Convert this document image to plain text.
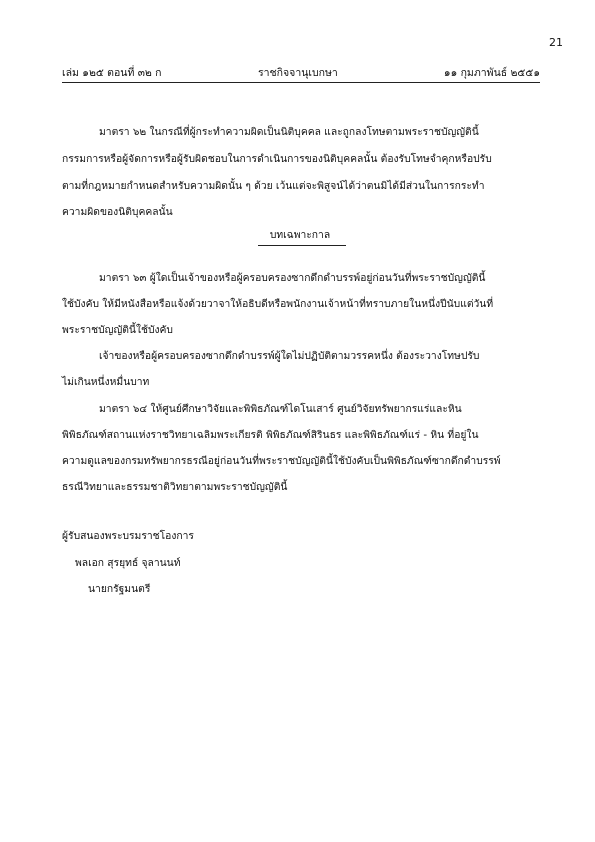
21
เล่ม ๑๒๕ ตอนที่ ๓๒ ก	ราชกิจจานุเบกษา	๑๑ กุมภาพันธ์ ๒๕๕๑
มาตรา ๖๒ ในกรณีที่ผู้กระทำความผิดเป็นนิติบุคคล และถูกลงโทษตามพระราชบัญญัตินี้
กรรมการหรือผู้จัดการหรือผู้รับผิดชอบในการดำเนินการของนิติบุคคลนั้น ต้องรับโทษจำคุกหรือปรับ
ตามที่กฎหมายกำหนดสำหรับความผิดนั้น ๆ ด้วย เว้นแต่จะพิสูจน์ได้ว่าตนมิได้มีส่วนในการกระทำ
ความผิดของนิติบุคคลนั้น
บทเฉพาะกาล
มาตรา ๖๓ ผู้ใดเป็นเจ้าของหรือผู้ครอบครองซากดึกดำบรรพ์อยู่ก่อนวันที่พระราชบัญญัตินี้
ใช้บังคับ ให้มีหนังสือหรือแจ้งด้วยวาจาให้อธิบดีหรือพนักงานเจ้าหน้าที่ทราบภายในหนึ่งปีนับแต่วันที่
พระราชบัญญัตินี้ใช้บังคับ
เจ้าของหรือผู้ครอบครองซากดึกดำบรรพ์ผู้ใดไม่ปฏิบัติตามวรรคหนึ่ง ต้องระวางโทษปรับ
ไม่เกินหนึ่งหมื่นบาท
มาตรา ๖๔ ให้ศูนย์ศึกษาวิจัยและพิพิธภัณฑ์ไดโนเสาร์ ศูนย์วิจัยทรัพยากรแร่และหิน
พิพิธภัณฑ์สถานแห่งราชวิทยาเฉลิมพระเกียรติ พิพิธภัณฑ์สิรินธร และพิพิธภัณฑ์แร่ - หิน ที่อยู่ใน
ความดูแลของกรมทรัพยากรธรณีอยู่ก่อนวันที่พระราชบัญญัตินี้ใช้บังคับเป็นพิพิธภัณฑ์ซากดึกดำบรรพ์
ธรณีวิทยาและธรรมชาติวิทยาตามพระราชบัญญัตินี้
ผู้รับสนองพระบรมราชโองการ
พลเอก สุรยุทธ์ จุลานนท์
นายกรัฐมนตรี
